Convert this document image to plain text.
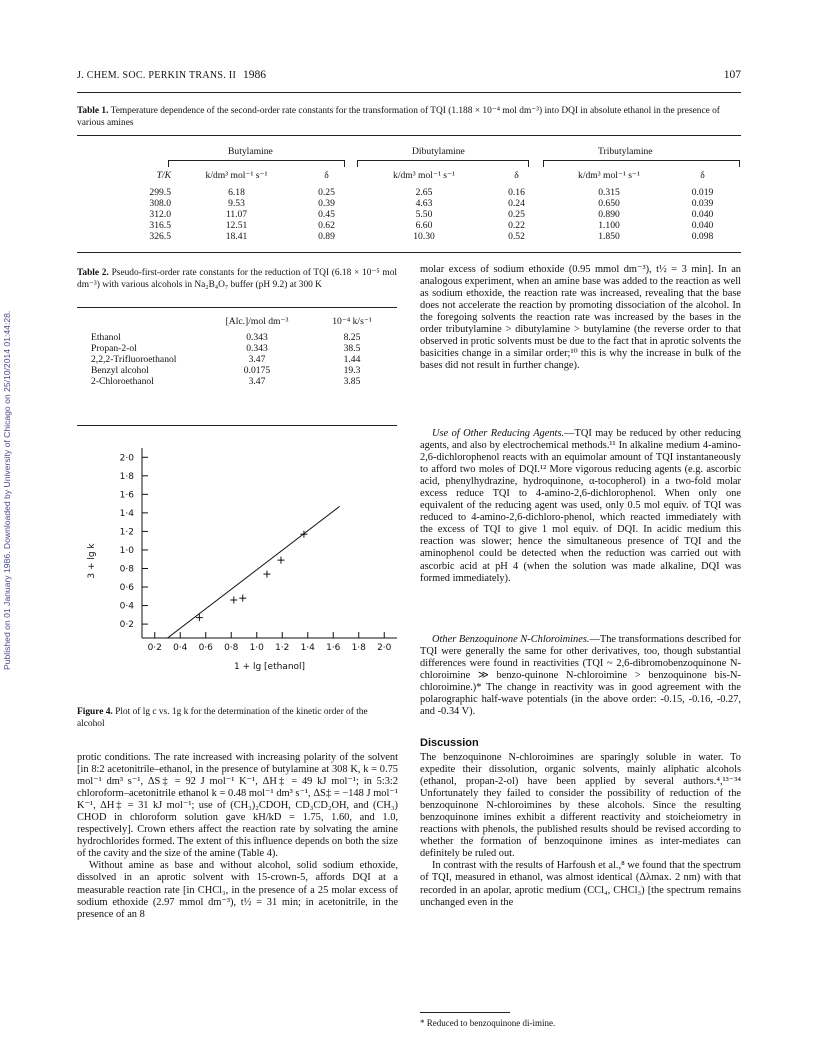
Published on 01 January 1986. Downloaded by University of Chicago on 25/10/2014 01:44:28.
J. CHEM. SOC. PERKIN TRANS. II 1986	107
Table 1. Temperature dependence of the second-order rate constants for the transformation of TQI (1.188 × 10⁻⁴ mol dm⁻³) into DQI in absolute ethanol in the presence of various amines
Butylamine	Dibutylamine	Tributylamine
T/K	k/dm³ mol⁻¹ s⁻¹	δ	k/dm³ mol⁻¹ s⁻¹	δ	k/dm³ mol⁻¹ s⁻¹	δ

299.5	6.18	0.25	2.65	0.16	0.315	0.019
308.0	9.53	0.39	4.63	0.24	0.650	0.039
312.0	11.07	0.45	5.50	0.25	0.890	0.040
316.5	12.51	0.62	6.60	0.22	1.100	0.040
326.5	18.41	0.89	10.30	0.52	1.850	0.098
Table 2. Pseudo-first-order rate constants for the reduction of TQI (6.18 × 10⁻⁵ mol dm⁻³) with various alcohols in Na₂B₄O₇ buffer (pH 9.2) at 300 K
	[Alc.]/mol dm⁻³	10⁻⁴ k/s⁻¹

Ethanol	0.343	8.25
Propan-2-ol	0.343	38.5
2,2,2-Trifluoroethanol	3.47	1.44
Benzyl alcohol	0.0175	19.3
2-Chloroethanol	3.47	3.85
0·2 0·4 0·6 0·8 1·0 1·2 1·4 1·6 1·8 2·0
0·2
0·4
0·6
0·8
1·0
1·2
1·4
1·6
1·8
2·0
1 + lg [ethanol]
3 + lg k
Figure 4. Plot of lg c vs. 1g k for the determination of the kinetic order of the alcohol

protic conditions. The rate increased with increasing polarity of the solvent [in 8:2 acetonitrile–ethanol, in the presence of butylamine at 308 K, k = 0.75 mol⁻¹ dm³ s⁻¹, ΔS‡ = 92 J mol⁻¹ K⁻¹, ΔH‡ = 49 kJ mol⁻¹; in 5:3:2 chloroform–acetonitrile ethanol k = 0.48 mol⁻¹ dm³ s⁻¹, ΔS‡ = −148 J mol⁻¹ K⁻¹, ΔH‡ = 31 kJ mol⁻¹; use of (CH₃)₂CDOH, CD₃CD₂OH, and (CH₃) CHOD in chloroform solution gave kH/kD = 1.75, 1.60, and 1.0, respectively]. Crown ethers affect the reaction rate by solvating the amine hydrochlorides formed. The extent of this influence depends on both the size of the cavity and the size of the amine (Table 4).

Without amine as base and without alcohol, solid sodium ethoxide, dissolved in an aprotic solvent with 15-crown-5, affords DQI at a measurable reaction rate [in CHCl₃, in the presence of a 25 molar excess of sodium ethoxide (2.97 mmol dm⁻³), t½ = 31 min; in acetonitrile, in the presence of an 8

molar excess of sodium ethoxide (0.95 mmol dm⁻³), t½ = 3 min]. In an analogous experiment, when an amine base was added to the reaction as well as sodium ethoxide, the reaction rate was increased, revealing that the base does not accelerate the reaction by promoting dissociation of the alcohol. In the foregoing solvents the reaction rate was increased by the bases in the order tributylamine > dibutylamine > butylamine (the reverse order to that observed in protic solvents must be due to the fact that in aprotic solvents the basicities change in a similar order;¹⁰ this is why the increase in bulk of the bases did not result in further change).

Use of Other Reducing Agents.—TQI may be reduced by other reducing agents, and also by electrochemical methods.¹¹ In alkaline medium 4-amino-2,6-dichlorophenol reacts with an equimolar amount of TQI instantaneously to afford two moles of DQI.¹² More vigorous reducing agents (e.g. ascorbic acid, phenylhydrazine, hydroquinone, α-tocopherol) in a two-fold molar excess reduce TQI to 4-amino-2,6-dichlorophenol. When only one equivalent of the reducing agent was used, only 0.5 mol equiv. of TQI was reduced to 4-amino-2,6-dichloro-phenol, which reacted immediately with the excess of TQI to give 1 mol equiv. of DQI. In acidic medium this reaction was slower; hence the simultaneous presence of TQI and the aminophenol could be detected when the reduction was carried out with ascorbic acid at pH 4 (when the solution was made alkaline, DQI was formed immediately).

Other Benzoquinone N-Chloroimines.—The transformations described for TQI were generally the same for other derivatives, too, though substantial differences were found in reactivities (TQI ~ 2,6-dibromobenzoquinone N-chloroimine ≫ benzo-quinone N-chloroimine > benzoquinone bis-N-chloroimine.)* The change in reactivity was in good agreement with the polarographic half-wave potentials (in the above order: -0.15, -0.16, -0.27, and -0.34 V).

Discussion

The benzoquinone N-chloroimines are sparingly soluble in water. To expedite their dissolution, organic solvents, mainly aliphatic alcohols (ethanol, propan-2-ol) have been applied by several authors.⁴,¹³⁻³⁴ Unfortunately they failed to consider the possibility of reduction of the benzoquinone N-chloroimines by these alcohols. Since the resulting benzoquinone imines exhibit a different reactivity and stoicheiometry in reactions with phenols, the published results should be revised according to whether the formation of benzoquinone imines as inter-mediates can definitely be ruled out.

In contrast with the results of Harfoush et al.,⁸ we found that the spectrum of TQI, measured in ethanol, was almost identical (Δλmax. 2 nm) with that recorded in an apolar, aprotic medium (CCl₄, CHCl₃) [the spectrum remains unchanged even in the

* Reduced to benzoquinone di-imine.
